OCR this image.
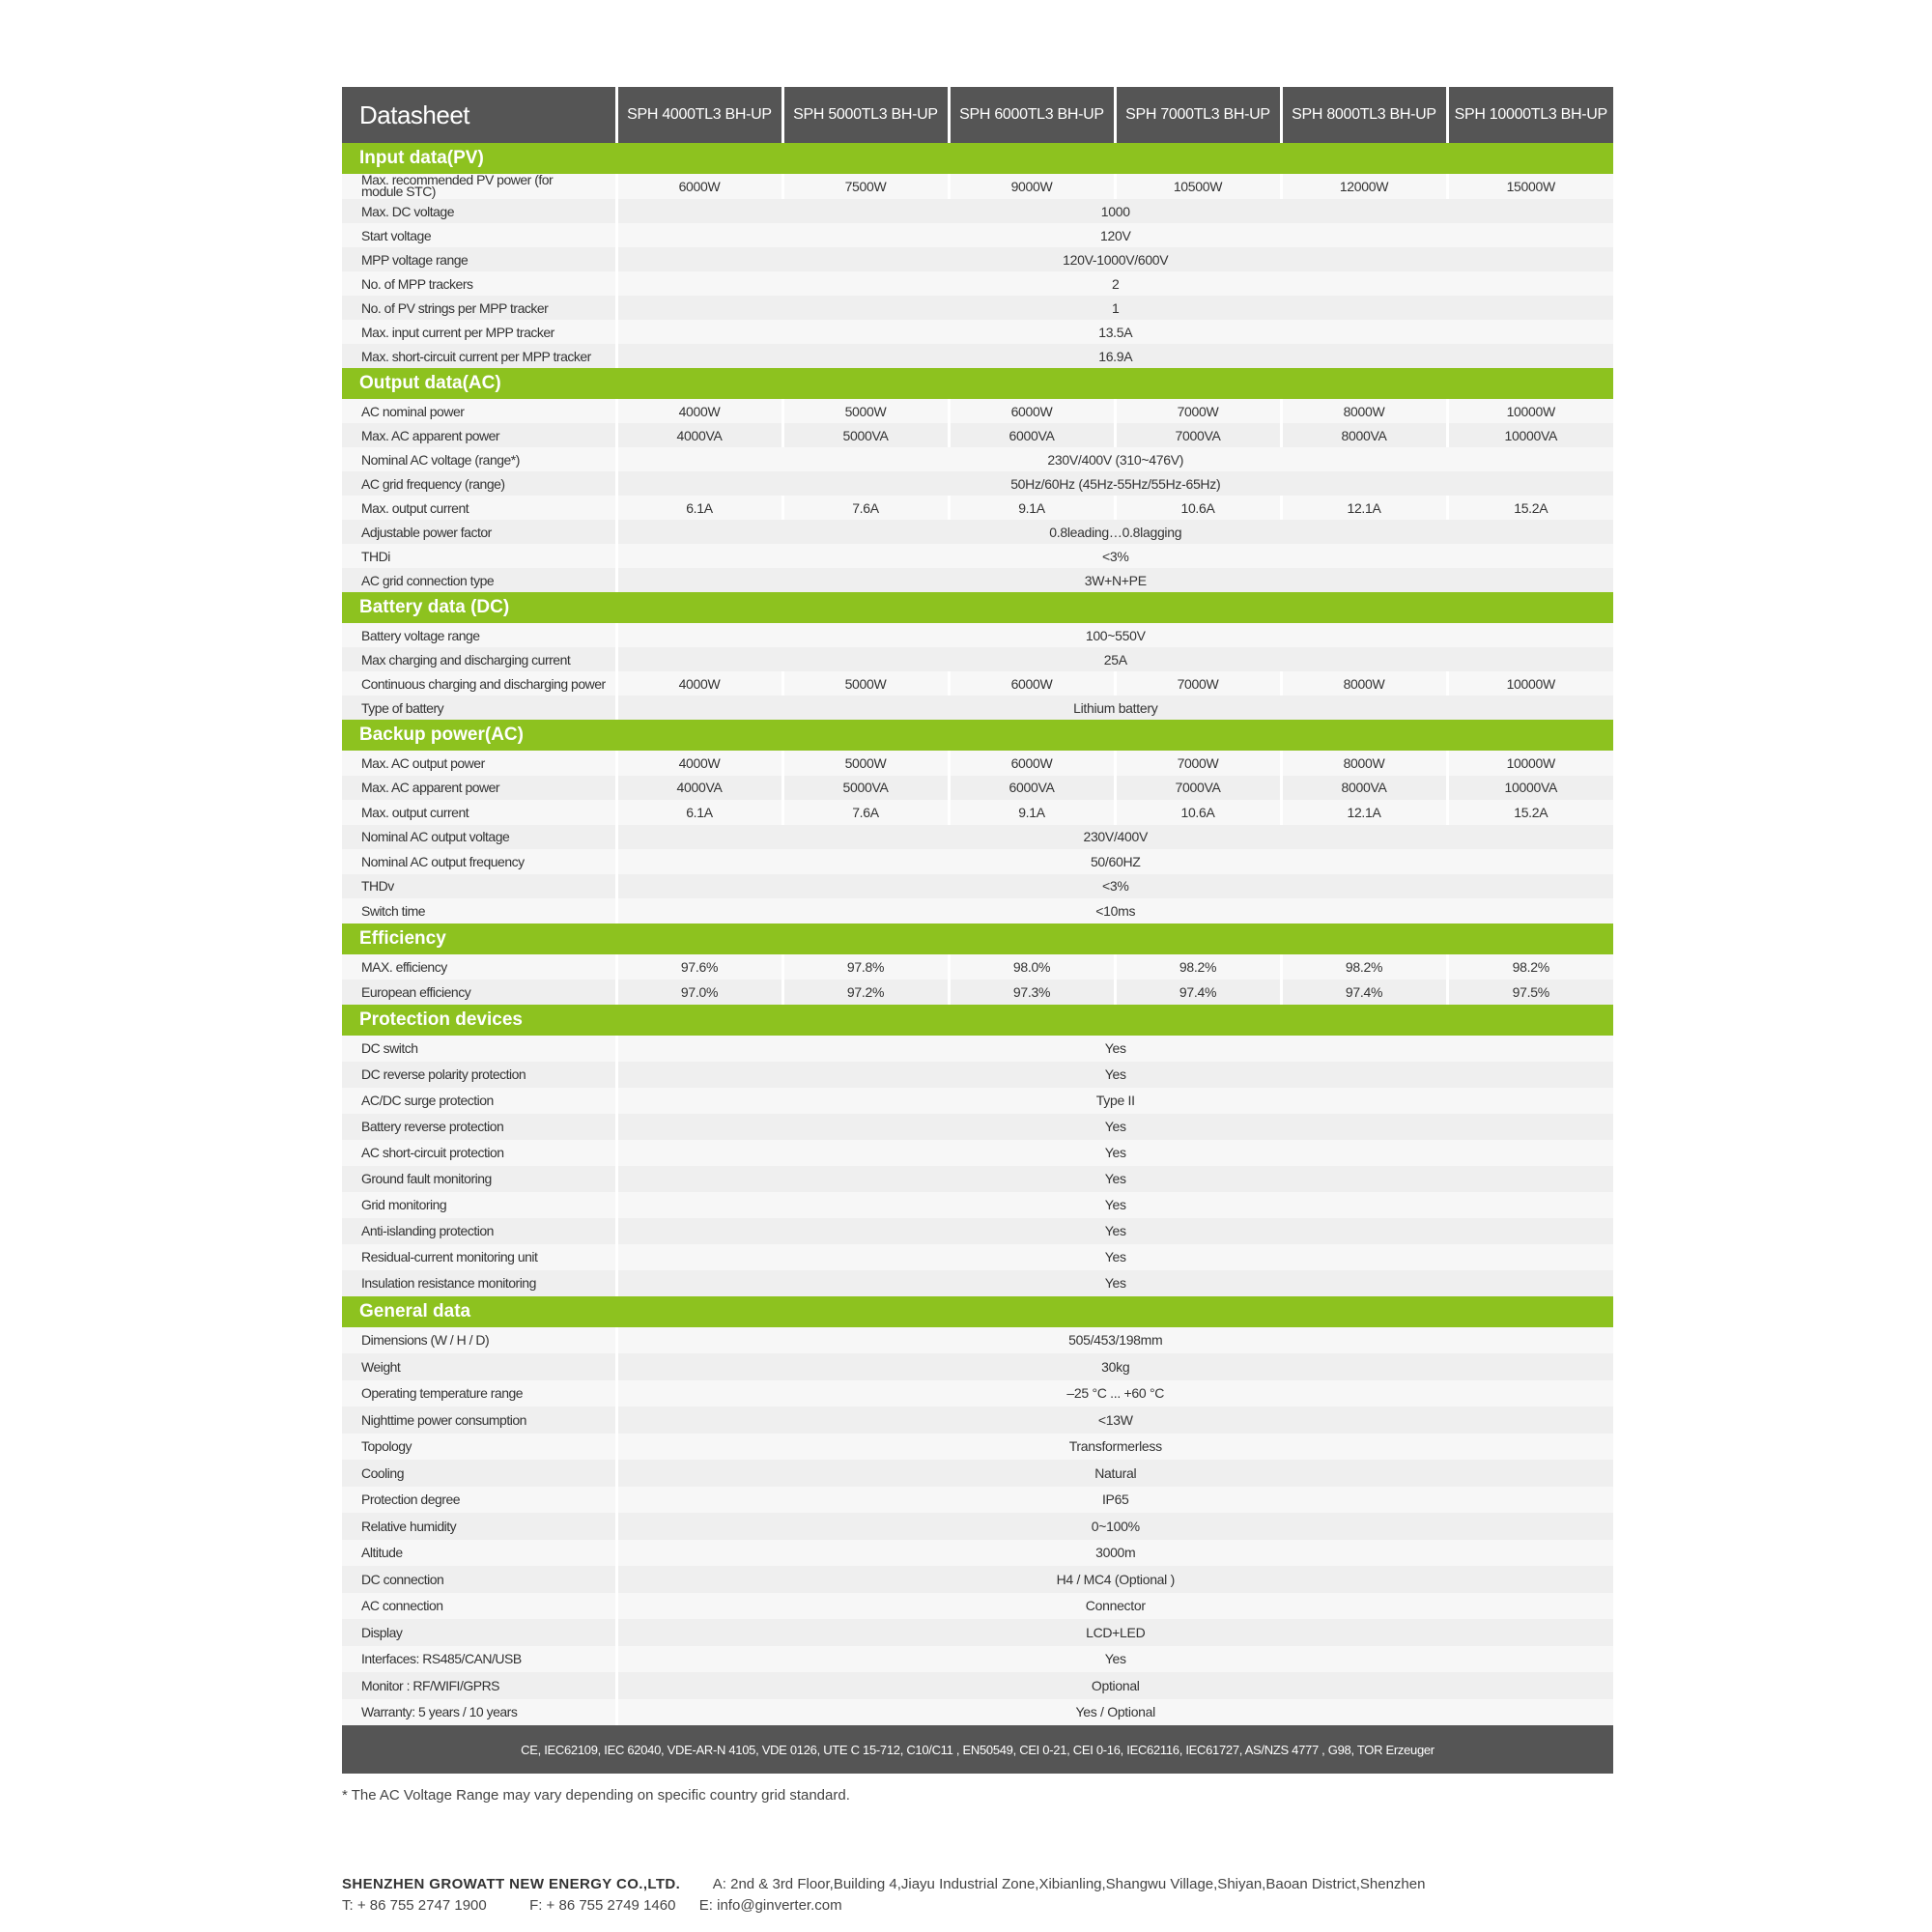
Datasheet	SPH 4000TL3 BH-UP	SPH 5000TL3 BH-UP	SPH 6000TL3 BH-UP	SPH 7000TL3 BH-UP	SPH 8000TL3 BH-UP	SPH 10000TL3 BH-UP
Input data(PV)						
Max. recommended PV power (for module STC)	6000W	7500W	9000W	10500W	12000W	15000W
Max. DC voltage	1000					
Start voltage	120V					
MPP voltage range	120V-1000V/600V					
No. of MPP trackers	2					
No. of PV strings per MPP tracker	1					
Max. input current per MPP tracker	13.5A					
Max. short-circuit current per MPP tracker	16.9A					
Output data(AC)						
AC nominal power	4000W	5000W	6000W	7000W	8000W	10000W
Max. AC apparent power	4000VA	5000VA	6000VA	7000VA	8000VA	10000VA
Nominal AC voltage (range*)	230V/400V (310~476V)					
AC grid frequency (range)	50Hz/60Hz (45Hz-55Hz/55Hz-65Hz)					
Max. output current	6.1A	7.6A	9.1A	10.6A	12.1A	15.2A
Adjustable power factor	0.8leading…0.8lagging					
THDi	<3%					
AC grid connection type	3W+N+PE					
Battery data (DC)						
Battery voltage range	100~550V					
Max charging and discharging current	25A					
Continuous charging and discharging power	4000W	5000W	6000W	7000W	8000W	10000W
Type of battery	Lithium battery					
Backup power(AC)						
Max. AC output power	4000W	5000W	6000W	7000W	8000W	10000W
Max. AC apparent power	4000VA	5000VA	6000VA	7000VA	8000VA	10000VA
Max. output current	6.1A	7.6A	9.1A	10.6A	12.1A	15.2A
Nominal AC output voltage	230V/400V					
Nominal AC output frequency	50/60HZ					
THDv	<3%					
Switch time	<10ms					
Efficiency						
MAX. efficiency	97.6%	97.8%	98.0%	98.2%	98.2%	98.2%
European efficiency	97.0%	97.2%	97.3%	97.4%	97.4%	97.5%
Protection devices						
DC switch	Yes					
DC reverse polarity protection	Yes					
AC/DC surge protection	Type II					
Battery reverse protection	Yes					
AC short-circuit protection	Yes					
Ground fault monitoring	Yes					
Grid monitoring	Yes					
Anti-islanding protection	Yes					
Residual-current monitoring unit	Yes					
Insulation resistance monitoring	Yes					
General data						
Dimensions (W / H / D)	505/453/198mm					
Weight	30kg					
Operating temperature range	–25 °C ... +60 °C					
Nighttime power consumption	<13W					
Topology	Transformerless					
Cooling	Natural					
Protection degree	IP65					
Relative humidity	0~100%					
Altitude	3000m					
DC connection	H4 / MC4 (Optional )					
AC connection	Connector					
Display	LCD+LED					
Interfaces: RS485/CAN/USB	Yes					
Monitor : RF/WIFI/GPRS	Optional					
Warranty: 5 years / 10 years	Yes / Optional					
CE, IEC62109, IEC 62040, VDE-AR-N 4105, VDE 0126, UTE C 15-712, C10/C11 , EN50549, CEI 0-21, CEI 0-16, IEC62116, IEC61727, AS/NZS 4777 , G98, TOR Erzeuger						
* The AC Voltage Range may vary depending on specific country grid standard.
SHENZHEN GROWATT NEW ENERGY CO.,LTD. A: 2nd & 3rd Floor,Building 4,Jiayu Industrial Zone,Xibianling,Shangwu Village,Shiyan,Baoan District,Shenzhen
T: + 86 755 2747 1900	F: + 86 755 2749 1460 E: info@ginverter.com
